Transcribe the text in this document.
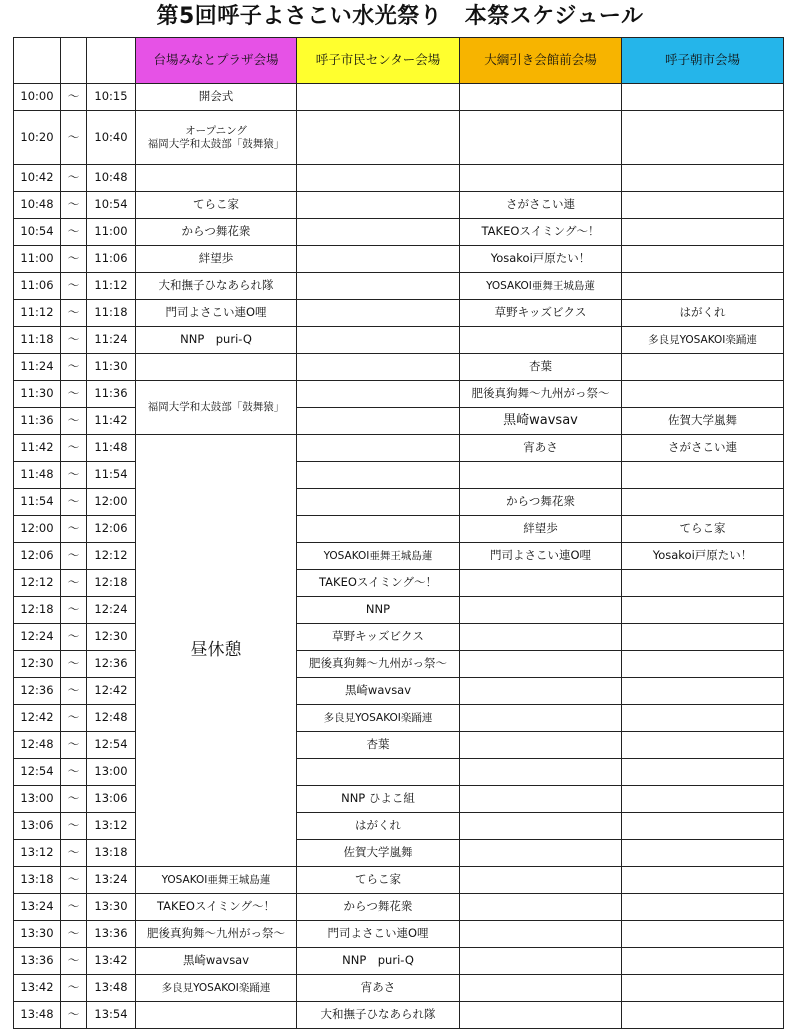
第5回呼子よさこい水光祭り　本祭スケジュール
			台場みなとプラザ会場	呼子市民センター会場	大綱引き会館前会場	呼子朝市会場
10:00	〜	10:15	開会式			
10:20	〜	10:40	オープニング
福岡大学和太鼓部「鼓舞猿」			
10:42	〜	10:48				
10:48	〜	10:54	てらこ家		さがさこい連	
10:54	〜	11:00	からつ舞花衆		TAKEOスイミング～！	
11:00	〜	11:06	絆望歩		Yosakoi戸原たい！	
11:06	〜	11:12	大和撫子ひなあられ隊		YOSAKOI亜舞王城島蓮	
11:12	〜	11:18	門司よさこい連O哩		草野キッズビクス	はがくれ
11:18	〜	11:24	NNP　puri-Q			多良見YOSAKOI楽踊連
11:24	〜	11:30			杏葉	
11:30	〜	11:36	福岡大学和太鼓部「鼓舞猿」		肥後真狗舞～九州がっ祭～	
11:36	〜	11:42			黒崎wavsav	佐賀大学嵐舞
11:42	〜	11:48	昼休憩		宵あさ	さがさこい連
11:48	〜	11:54				
11:54	〜	12:00			からつ舞花衆	
12:00	〜	12:06			絆望歩	てらこ家
12:06	〜	12:12		YOSAKOI亜舞王城島蓮	門司よさこい連O哩	Yosakoi戸原たい！
12:12	〜	12:18		TAKEOスイミング～！		
12:18	〜	12:24		NNP		
12:24	〜	12:30		草野キッズビクス		
12:30	〜	12:36		肥後真狗舞～九州がっ祭～		
12:36	〜	12:42		黒崎wavsav		
12:42	〜	12:48		多良見YOSAKOI楽踊連		
12:48	〜	12:54		杏葉		
12:54	〜	13:00				
13:00	〜	13:06		NNP ひよこ組		
13:06	〜	13:12		はがくれ		
13:12	〜	13:18		佐賀大学嵐舞		
13:18	〜	13:24	YOSAKOI亜舞王城島蓮	てらこ家		
13:24	〜	13:30	TAKEOスイミング～！	からつ舞花衆		
13:30	〜	13:36	肥後真狗舞～九州がっ祭～	門司よさこい連O哩		
13:36	〜	13:42	黒崎wavsav	NNP　puri-Q		
13:42	〜	13:48	多良見YOSAKOI楽踊連	宵あさ		
13:48	〜	13:54		大和撫子ひなあられ隊		
